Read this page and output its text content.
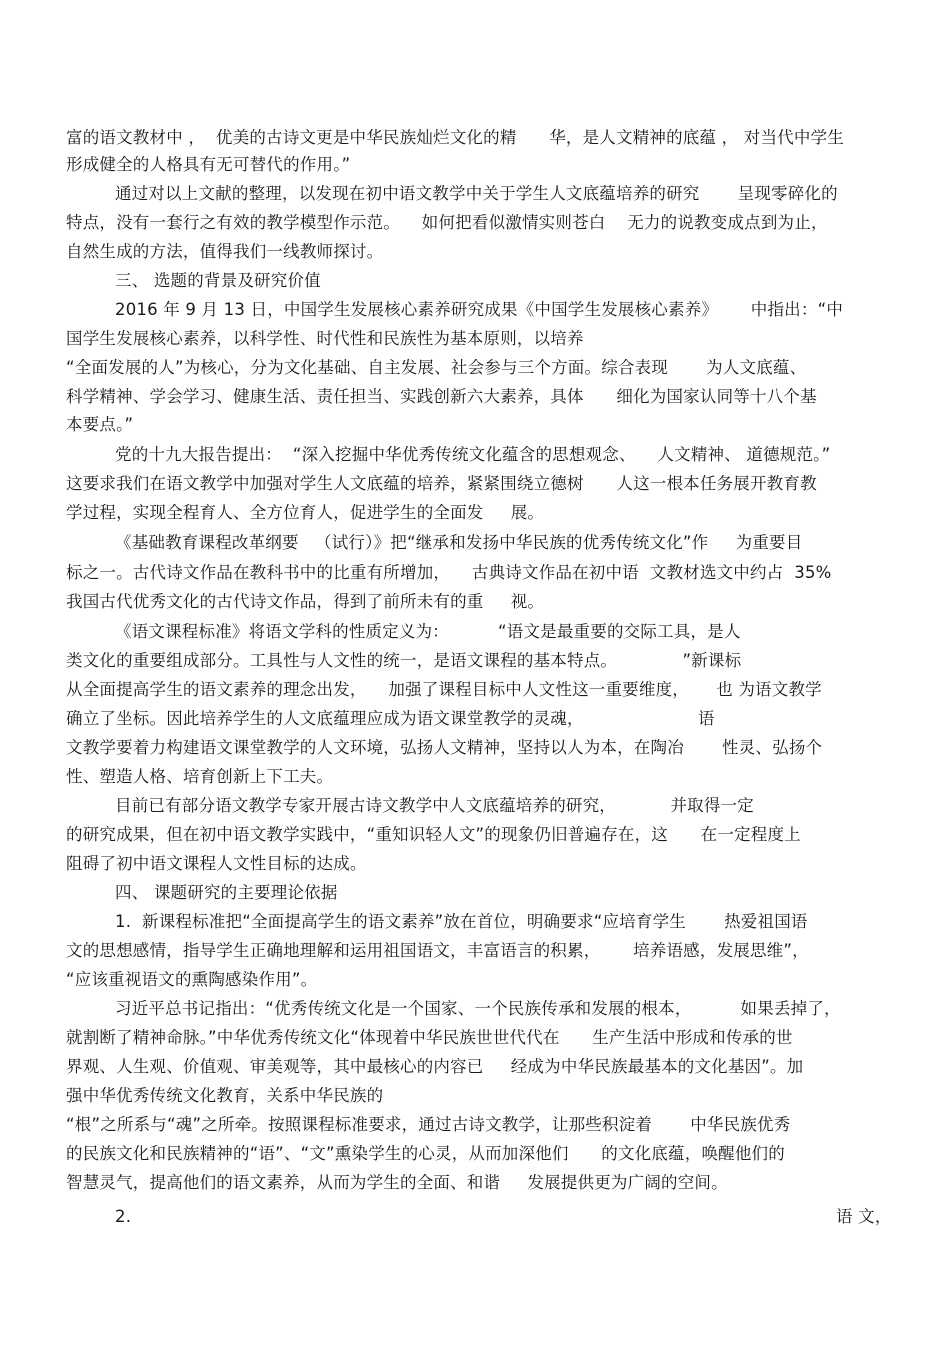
富的语文教材中 ，  优美的古诗文更是中华民族灿烂文化的精      华，是人文精神的底蕴 ， 对当代中学生
形成健全的人格具有无可替代的作用。”
通过对以上文献的整理，以发现在初中语文教学中关于学生人文底蕴培养的研究       呈现零碎化的
特点，没有一套行之有效的教学模型作示范。    如何把看似激情实则苍白    无力的说教变成点到为止，
自然生成的方法，值得我们一线教师探讨。
三、 选题的背景及研究价值
2016 年 9 月 13 日，中国学生发展核心素养研究成果《中国学生发展核心素养》      中指出：“中
国学生发展核心素养，以科学性、时代性和民族性为基本原则，以培养
“全面发展的人”为核心，分为文化基础、自主发展、社会参与三个方面。综合表现       为人文底蕴、
科学精神、学会学习、健康生活、责任担当、实践创新六大素养，具体      细化为国家认同等十八个基
本要点。”
党的十九大报告提出：  “深入挖掘中华优秀传统文化蕴含的思想观念、    人文精神、 道德规范。”
这要求我们在语文教学中加强对学生人文底蕴的培养，紧紧围绕立德树      人这一根本任务展开教育教
学过程，实现全程育人、全方位育人，促进学生的全面发     展。
《基础教育课程改革纲要   （试行）》把“继承和发扬中华民族的优秀传统文化”作     为重要目
标之一。古代诗文作品在教科书中的比重有所增加，    古典诗文作品在初中语  文教材选文中约占  35%
我国古代优秀文化的古代诗文作品，得到了前所未有的重     视。
《语文课程标准》将语文学科的性质定义为：         “语文是最重要的交际工具，是人
类文化的重要组成部分。工具性与人文性的统一，是语文课程的基本特点。            ”新课标
从全面提高学生的语文素养的理念出发，    加强了课程目标中人文性这一重要维度，     也 为语文教学
确立了坐标。因此培养学生的人文底蕴理应成为语文课堂教学的灵魂，                     语
文教学要着力构建语文课堂教学的人文环境，弘扬人文精神，坚持以人为本，在陶冶       性灵、弘扬个
性、塑造人格、培育创新上下工夫。
目前已有部分语文教学专家开展古诗文教学中人文底蕴培养的研究，          并取得一定
的研究成果，但在初中语文教学实践中，“重知识轻人文”的现象仍旧普遍存在，这      在一定程度上
阻碍了初中语文课程人文性目标的达成。
四、 课题研究的主要理论依据
1.  新课程标准把“全面提高学生的语文素养”放在首位，明确要求“应培育学生       热爱祖国语
文的思想感情，指导学生正确地理解和运用祖国语文，丰富语言的积累，      培养语感，发展思维”，
“应该重视语文的熏陶感染作用”。
习近平总书记指出：“优秀传统文化是一个国家、一个民族传承和发展的根本，         如果丢掉了，
就割断了精神命脉。”中华优秀传统文化“体现着中华民族世世代代在      生产生活中形成和传承的世
界观、人生观、价值观、审美观等，其中最核心的内容已     经成为中华民族最基本的文化基因”。加
强中华优秀传统文化教育，关系中华民族的
“根”之所系与“魂”之所牵。按照课程标准要求，通过古诗文教学，让那些积淀着       中华民族优秀
的民族文化和民族精神的“语”、“文”熏染学生的心灵，从而加深他们      的文化底蕴，唤醒他们的
智慧灵气，提高他们的语文素养，从而为学生的全面、和谐     发展提供更为广阔的空间。
2.	语 文，
